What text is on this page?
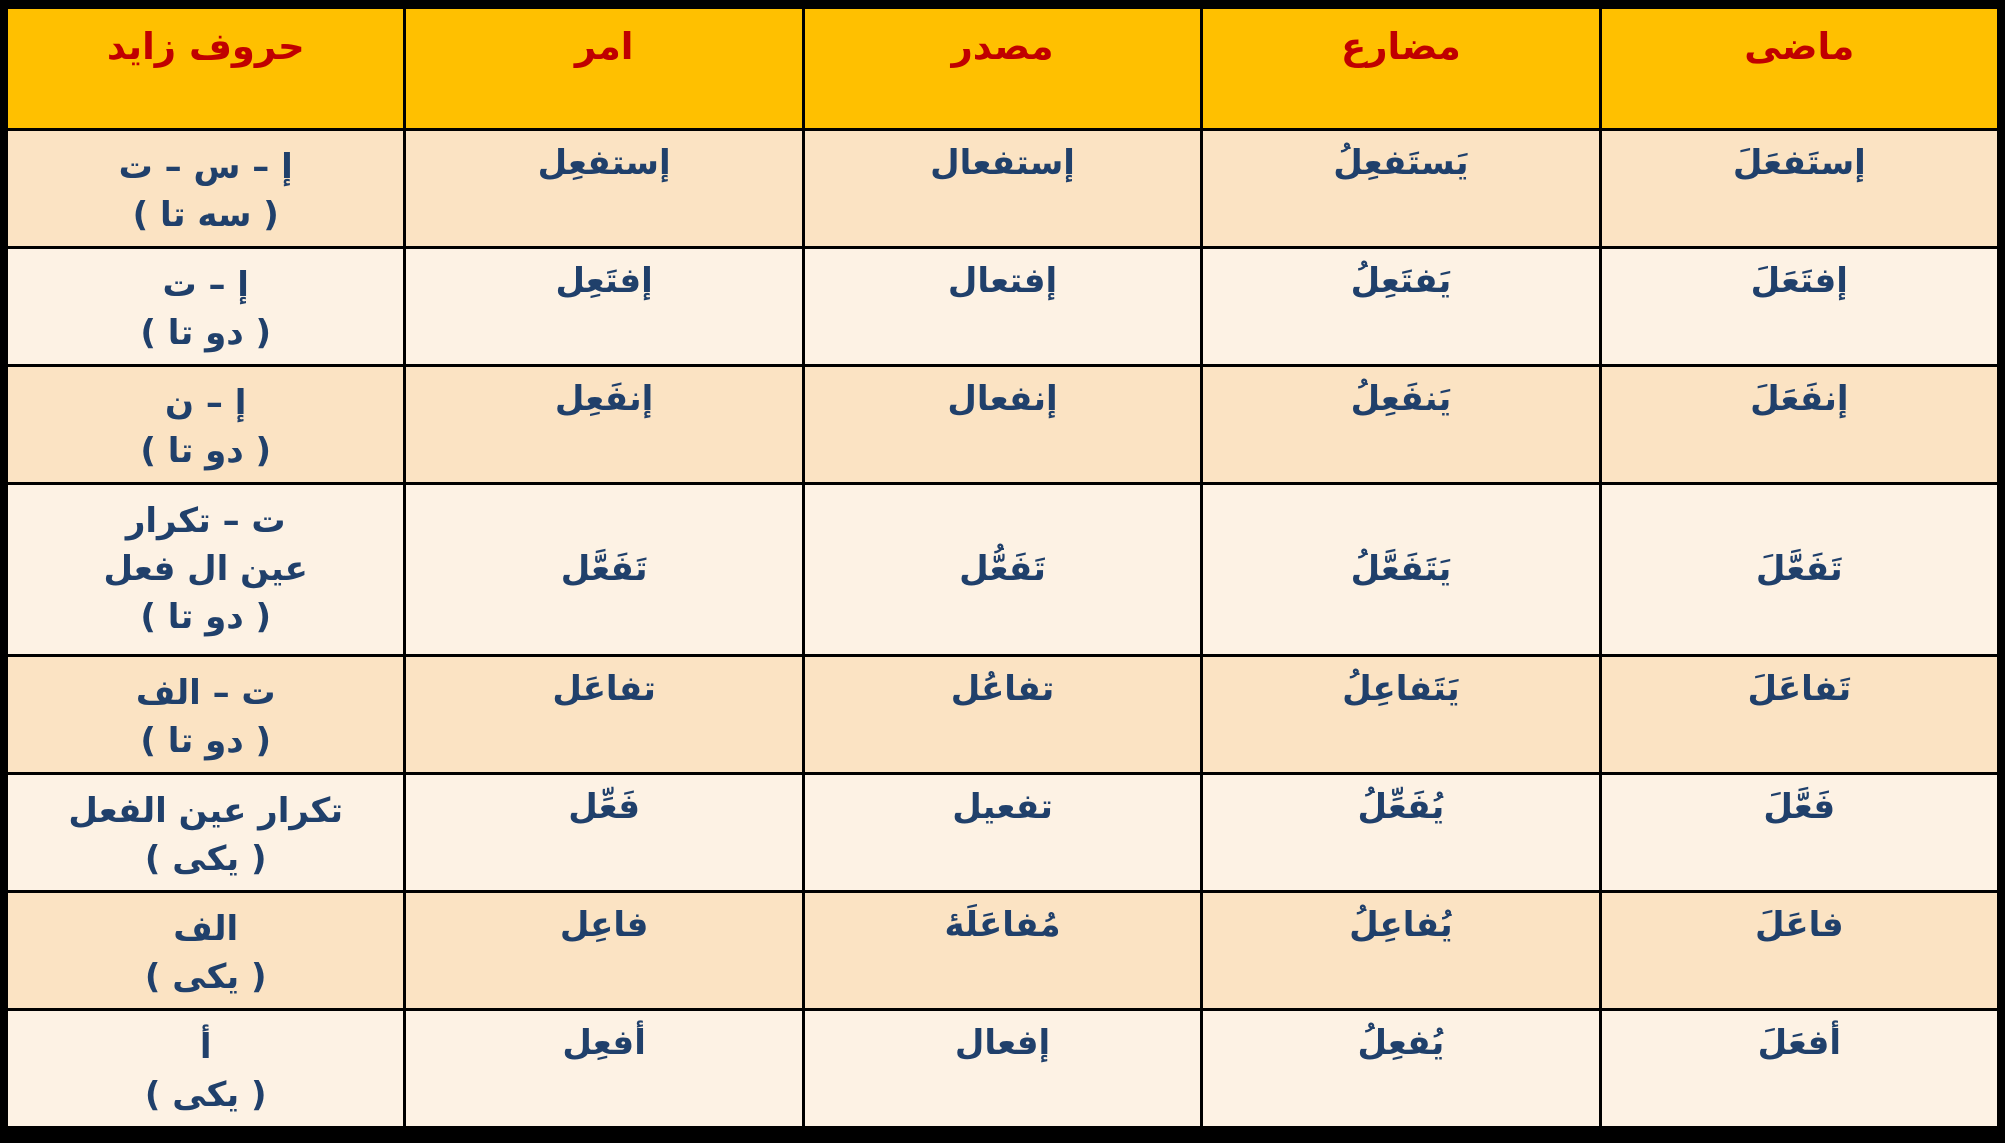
ماضى	مضارع	مصدر	امر	حروف زايد
إستَفعَلَ	يَستَفعِلُ	إستفعال	إستفعِل	إ – س – ت
( سه تا )

إفتَعَلَ	يَفتَعِلُ	إفتعال	إفتَعِل	إ – ت
( دو تا )

إنفَعَلَ	يَنفَعِلُ	إنفعال	إنفَعِل	إ – ن
( دو تا )

تَفَعَّلَ	يَتَفَعَّلُ	تَفَعُّل	تَفَعَّل	ت – تكرار
عين ال فعل
( دو تا )

تَفاعَلَ	يَتَفاعِلُ	تفاعُل	تفاعَل	ت – الف
( دو تا )

فَعَّلَ	يُفَعِّلُ	تفعيل	فَعِّل	تكرار عين الفعل
( يكى )

فاعَلَ	يُفاعِلُ	مُفاعَلَهٔ	فاعِل	الف
( يكى )

أفعَلَ	يُفعِلُ	إفعال	أفعِل	أ
( يكى )
